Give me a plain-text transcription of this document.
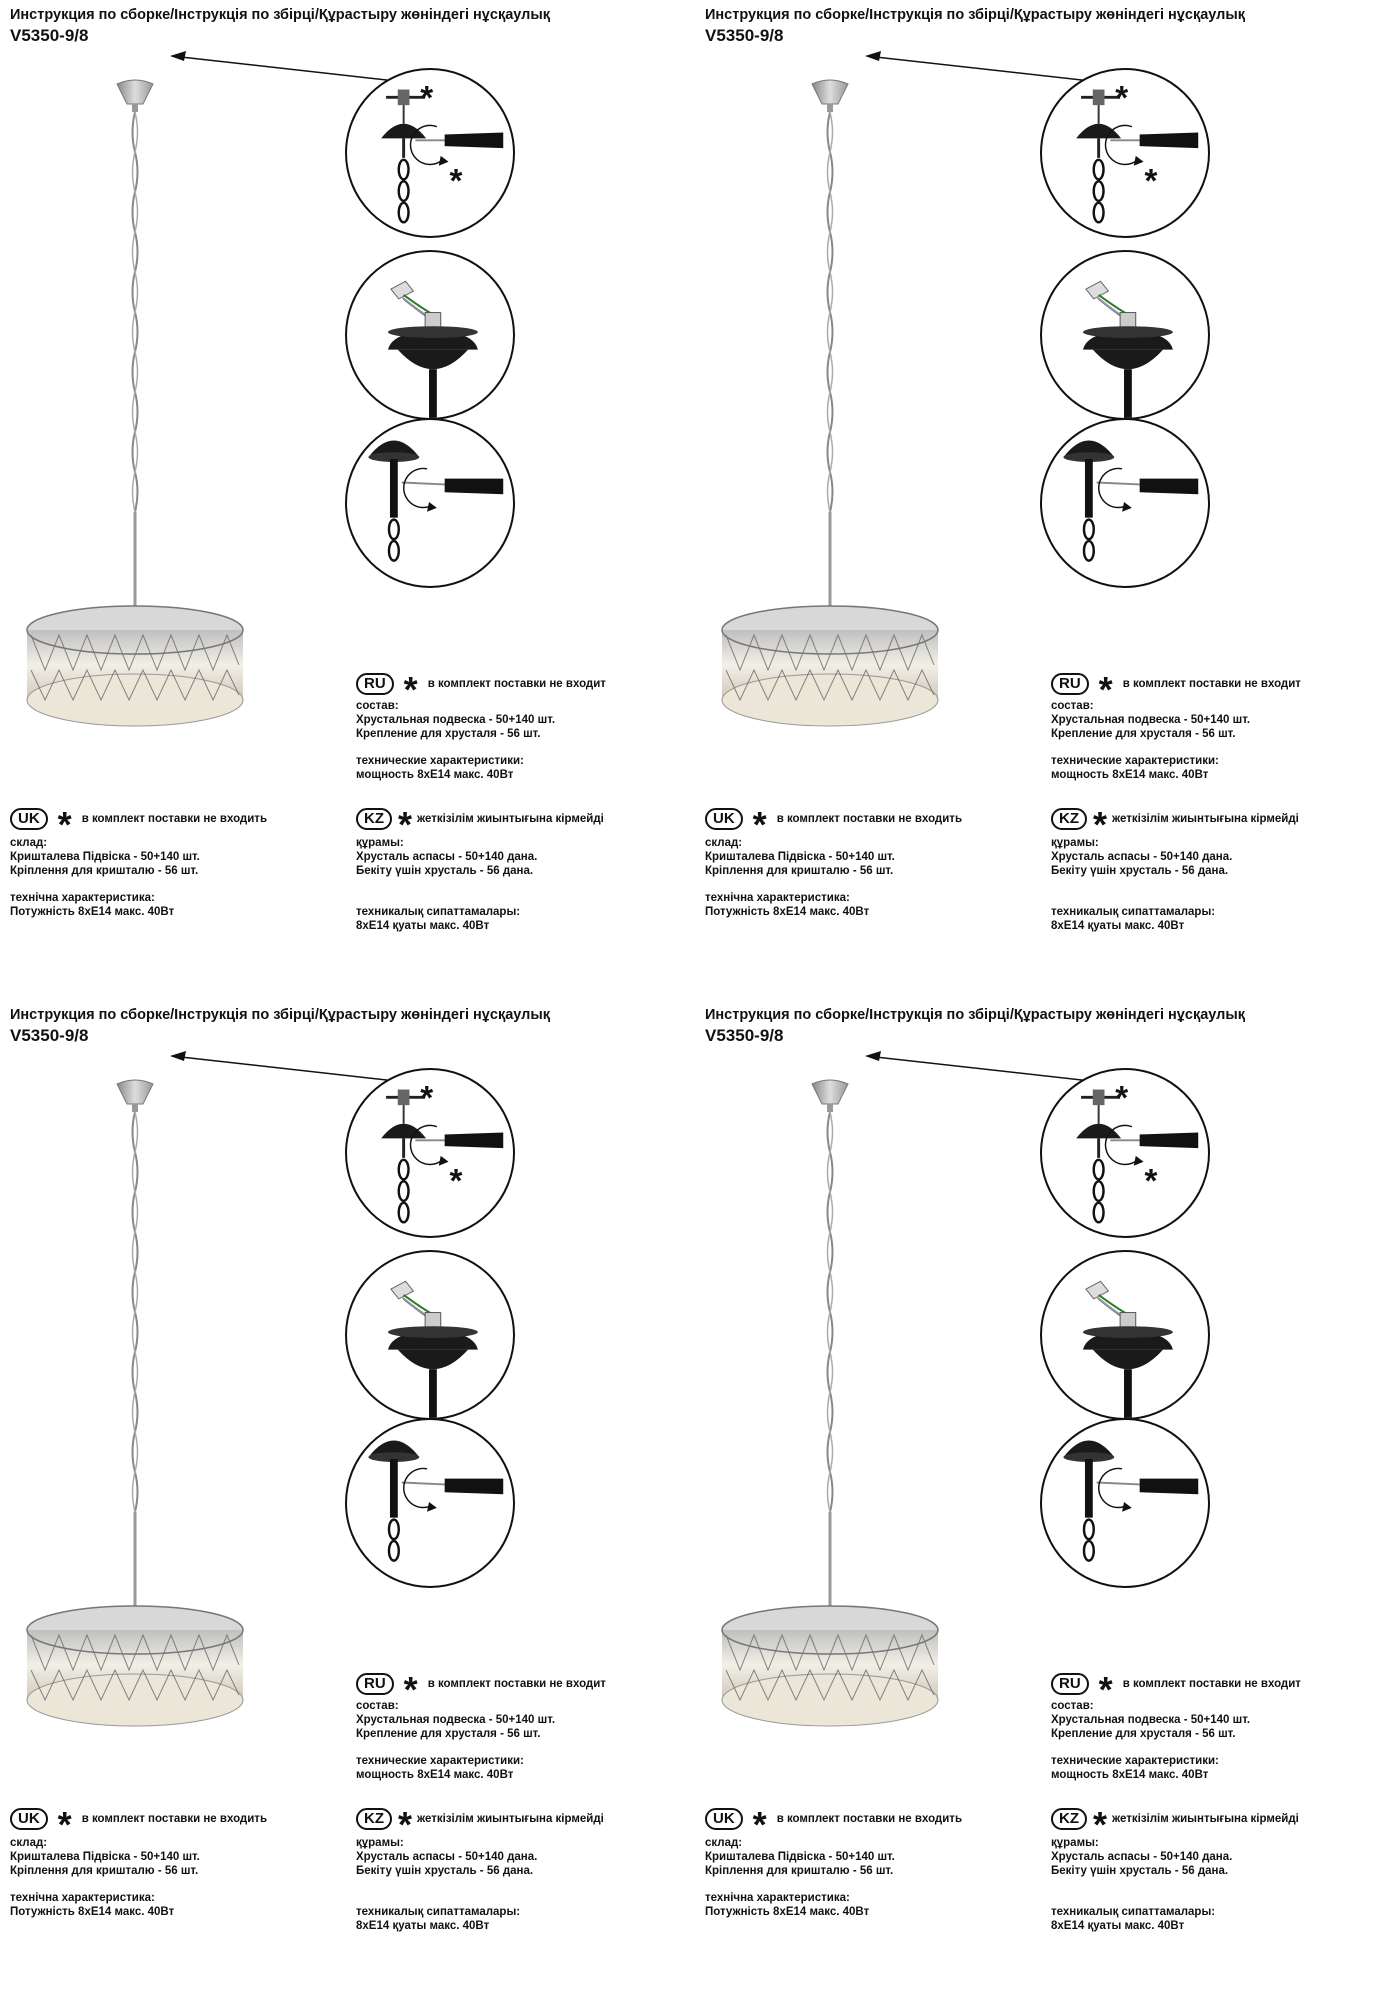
Инструкция по сборке/Інструкція по збірці/Құрастыру жөніндегі нұсқаулық
V5350-9/8
*
*
RU * в комплект поставки не входит

состав:

Хрустальная подвеска - 50+140 шт.

Крепление для хрусталя - 56 шт.

технические характеристики:

мощность 8хЕ14 макс. 40Вт

UK * в комплект поставки не входить

склад:

Кришталева Підвіска - 50+140 шт.

Кріплення для кришталю - 56 шт.

технічна характеристика:

Потужність 8хЕ14 макс. 40Вт

KZ * жеткізілім жиынтығына кірмейді

құрамы:

Хрусталь аспасы - 50+140 дана.

Бекіту үшін хрусталь - 56 дана.

техникалық сипаттамалары:

8хЕ14 қуаты макс. 40Вт

Инструкция по сборке/Інструкція по збірці/Құрастыру жөніндегі нұсқаулық
V5350-9/8
*
*
RU * в комплект поставки не входит

состав:

Хрустальная подвеска - 50+140 шт.

Крепление для хрусталя - 56 шт.

технические характеристики:

мощность 8хЕ14 макс. 40Вт

UK * в комплект поставки не входить

склад:

Кришталева Підвіска - 50+140 шт.

Кріплення для кришталю - 56 шт.

технічна характеристика:

Потужність 8хЕ14 макс. 40Вт

KZ * жеткізілім жиынтығына кірмейді

құрамы:

Хрусталь аспасы - 50+140 дана.

Бекіту үшін хрусталь - 56 дана.

техникалық сипаттамалары:

8хЕ14 қуаты макс. 40Вт

Инструкция по сборке/Інструкція по збірці/Құрастыру жөніндегі нұсқаулық
V5350-9/8
*
*
RU * в комплект поставки не входит

состав:

Хрустальная подвеска - 50+140 шт.

Крепление для хрусталя - 56 шт.

технические характеристики:

мощность 8хЕ14 макс. 40Вт

UK * в комплект поставки не входить

склад:

Кришталева Підвіска - 50+140 шт.

Кріплення для кришталю - 56 шт.

технічна характеристика:

Потужність 8хЕ14 макс. 40Вт

KZ * жеткізілім жиынтығына кірмейді

құрамы:

Хрусталь аспасы - 50+140 дана.

Бекіту үшін хрусталь - 56 дана.

техникалық сипаттамалары:

8хЕ14 қуаты макс. 40Вт

Инструкция по сборке/Інструкція по збірці/Құрастыру жөніндегі нұсқаулық
V5350-9/8
*
*
RU * в комплект поставки не входит

состав:

Хрустальная подвеска - 50+140 шт.

Крепление для хрусталя - 56 шт.

технические характеристики:

мощность 8хЕ14 макс. 40Вт

UK * в комплект поставки не входить

склад:

Кришталева Підвіска - 50+140 шт.

Кріплення для кришталю - 56 шт.

технічна характеристика:

Потужність 8хЕ14 макс. 40Вт

KZ * жеткізілім жиынтығына кірмейді

құрамы:

Хрусталь аспасы - 50+140 дана.

Бекіту үшін хрусталь - 56 дана.

техникалық сипаттамалары:

8хЕ14 қуаты макс. 40Вт
